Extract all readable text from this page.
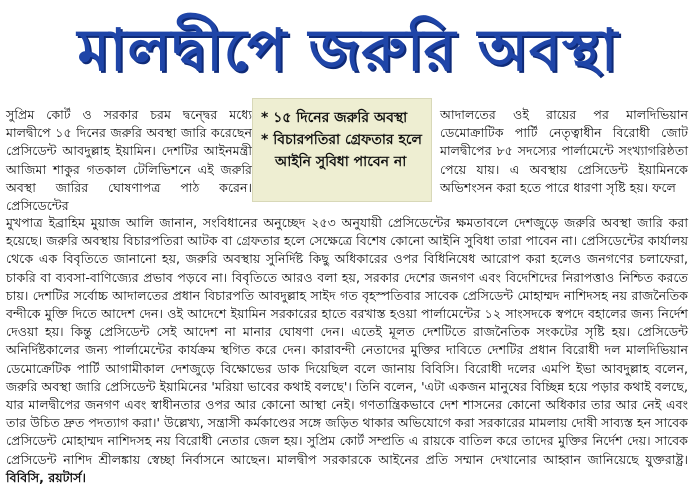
মালদ্বীপে জরুরি অবস্থা

সুপ্রিম কোর্ট ও সরকার চরম দ্বন্দ্বের মধ্যে মালদ্বীপে ১৫ দিনের জরুরি অবস্থা জারি করেছেন প্রেসিডেন্ট আবদুল্লাহ ইয়ামিন। দেশটির আইনমন্ত্রী আজিমা শাকুর গতকাল টেলিভিশনে এই জরুরি অবস্থা জারির ঘোষণাপত্র পাঠ করেন। প্রেসিডেন্টের

* ১৫ দিনের জরুরি অবস্থা

* বিচারপতিরা গ্রেফতার হলে

আইনি সুবিধা পাবেন না

আদালতের ওই রায়ের পর মালদিভিয়ান ডেমোক্রাটিক পার্টি নেতৃত্বাধীন বিরোধী জোট মালদ্বীপের ৮৫ সদস্যের পার্লামেন্টে সংখ্যাগরিষ্ঠতা পেয়ে যায়। এ অবস্থায় প্রেসিডেন্ট ইয়ামিনকে অভিশংসন করা হতে পারে ধারণা সৃষ্টি হয়। ফলে

মুখপাত্র ইব্রাহিম মুয়াজ আলি জানান, সংবিধানের অনুচ্ছেদ ২৫৩ অনুযায়ী প্রেসিডেন্টের ক্ষমতাবলে দেশজুড়ে জরুরি অবস্থা জারি করা হয়েছে। জরুরি অবস্থায় বিচারপতিরা আটক বা গ্রেফতার হলে সেক্ষেত্রে বিশেষ কোনো আইনি সুবিধা তারা পাবেন না। প্রেসিডেন্টের কার্যালয় থেকে এক বিবৃতিতে জানানো হয়, জরুরি অবস্থায় সুনির্দিষ্ট কিছু অধিকারের ওপর বিধিনিষেধ আরোপ করা হলেও জনগণের চলাফেরা, চাকরি বা ব্যবসা-বাণিজ্যের প্রভাব পড়বে না। বিবৃতিতে আরও বলা হয়, সরকার দেশের জনগণ এবং বিদেশিদের নিরাপত্তাও নিশ্চিত করতে চায়। দেশটির সর্বোচ্চ আদালতের প্রধান বিচারপতি আবদুল্লাহ সাইদ গত বৃহস্পতিবার সাবেক প্রেসিডেন্ট মোহাম্মদ নাশিদসহ নয় রাজনৈতিক বন্দীকে মুক্তি দিতে আদেশ দেন। ওই আদেশে ইয়ামিন সরকারের হাতে বরখাস্ত হওয়া পার্লামেন্টের ১২ সাংসদকে স্বপদে বহালের জন্য নির্দেশ দেওয়া হয়। কিন্তু প্রেসিডেন্ট সেই আদেশ না মানার ঘোষণা দেন। এতেই মূলত দেশটিতে রাজনৈতিক সংকটের সৃষ্টি হয়। প্রেসিডেন্ট অনির্দিষ্টকালের জন্য পার্লামেন্টের কার্যক্রম স্থগিত করে দেন। কারাবন্দী নেতাদের মুক্তির দাবিতে দেশটির প্রধান বিরোধী দল মালদিভিয়ান ডেমোক্রেটিক পার্টি আগামীকাল দেশজুড়ে বিক্ষোভের ডাক দিয়েছিল বলে জানায় বিবিসি। বিরোধী দলের এমপি ইভা আবদুল্লাহ বলেন, জরুরি অবস্থা জারি প্রেসিডেন্ট ইয়ামিনের 'মরিয়া ভাবের কথাই বলছে'। তিনি বলেন, 'এটা একজন মানুষের বিচ্ছিন্ন হয়ে পড়ার কথাই বলছে, যার মালদ্বীপের জনগণ এবং স্বাধীনতার ওপর আর কোনো আস্থা নেই। গণতান্ত্রিকভাবে দেশ শাসনের কোনো অধিকার তার আর নেই এবং তার উচিত দ্রুত পদত্যাগ করা।' উল্লেখ্য, সন্ত্রাসী কর্মকাণ্ডের সঙ্গে জড়িত থাকার অভিযোগে করা সরকারের মামলায় দোষী সাব্যস্ত হন সাবেক প্রেসিডেন্ট মোহাম্মদ নাশিদসহ নয় বিরোধী নেতার জেল হয়। সুপ্রিম কোর্ট সম্প্রতি এ রায়কে বাতিল করে তাদের মুক্তির নির্দেশ দেয়। সাবেক প্রেসিডেন্ট নাশিদ শ্রীলঙ্কায় স্বেচ্ছা নির্বাসনে আছেন। মালদ্বীপ সরকারকে আইনের প্রতি সম্মান দেখানোর আহ্বান জানিয়েছে যুক্তরাষ্ট্র। বিবিসি, রয়টার্স।
